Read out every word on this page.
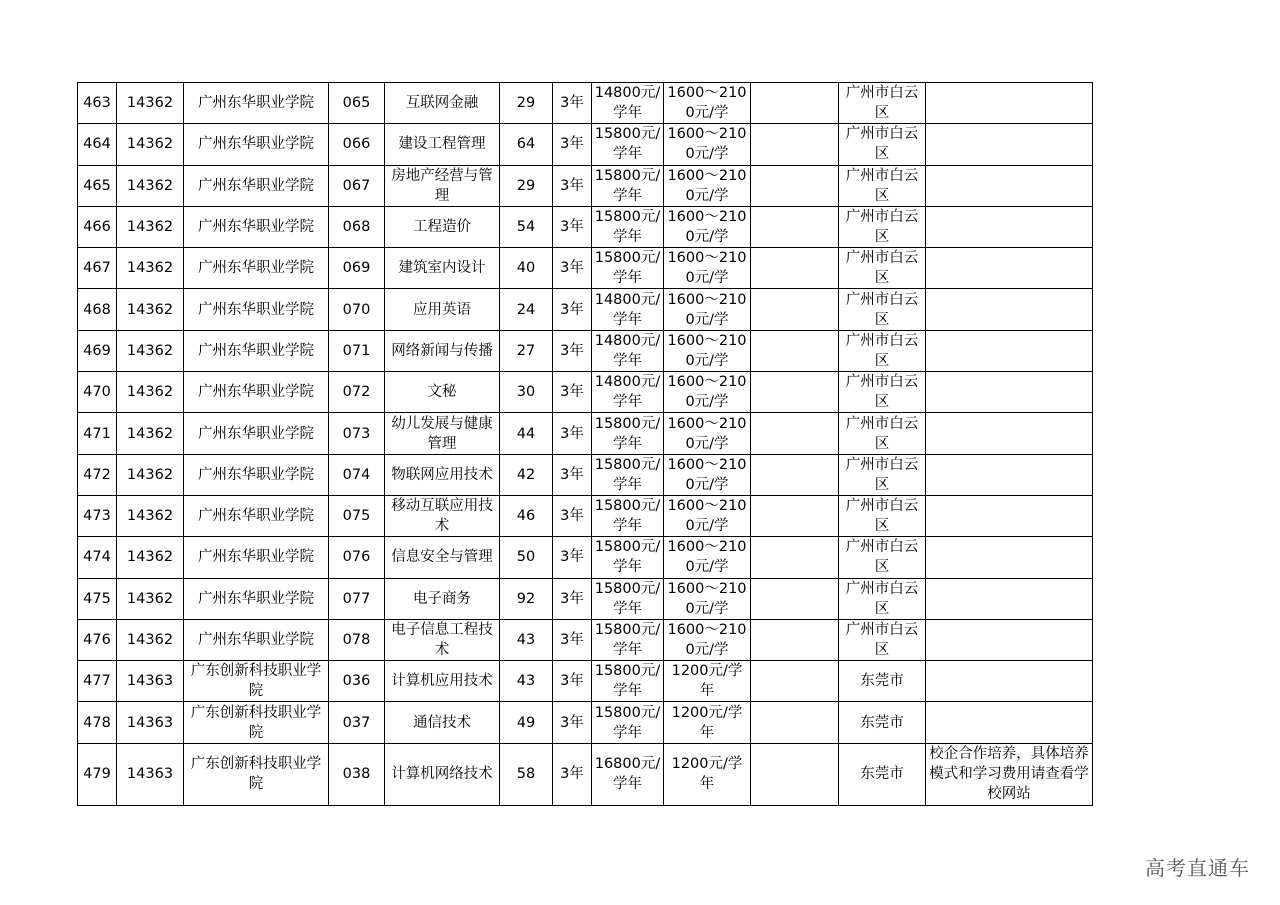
463	14362	广州东华职业学院	065	互联网金融	29	3年	14800元/学年	1600～2100元/学		广州市白云区	
464	14362	广州东华职业学院	066	建设工程管理	64	3年	15800元/学年	1600～2100元/学		广州市白云区	
465	14362	广州东华职业学院	067	房地产经营与管理	29	3年	15800元/学年	1600～2100元/学		广州市白云区	
466	14362	广州东华职业学院	068	工程造价	54	3年	15800元/学年	1600～2100元/学		广州市白云区	
467	14362	广州东华职业学院	069	建筑室内设计	40	3年	15800元/学年	1600～2100元/学		广州市白云区	
468	14362	广州东华职业学院	070	应用英语	24	3年	14800元/学年	1600～2100元/学		广州市白云区	
469	14362	广州东华职业学院	071	网络新闻与传播	27	3年	14800元/学年	1600～2100元/学		广州市白云区	
470	14362	广州东华职业学院	072	文秘	30	3年	14800元/学年	1600～2100元/学		广州市白云区	
471	14362	广州东华职业学院	073	幼儿发展与健康管理	44	3年	15800元/学年	1600～2100元/学		广州市白云区	
472	14362	广州东华职业学院	074	物联网应用技术	42	3年	15800元/学年	1600～2100元/学		广州市白云区	
473	14362	广州东华职业学院	075	移动互联应用技术	46	3年	15800元/学年	1600～2100元/学		广州市白云区	
474	14362	广州东华职业学院	076	信息安全与管理	50	3年	15800元/学年	1600～2100元/学		广州市白云区	
475	14362	广州东华职业学院	077	电子商务	92	3年	15800元/学年	1600～2100元/学		广州市白云区	
476	14362	广州东华职业学院	078	电子信息工程技术	43	3年	15800元/学年	1600～2100元/学		广州市白云区	
477	14363	广东创新科技职业学院	036	计算机应用技术	43	3年	15800元/学年	1200元/学年		东莞市	
478	14363	广东创新科技职业学院	037	通信技术	49	3年	15800元/学年	1200元/学年		东莞市	
479	14363	广东创新科技职业学院	038	计算机网络技术	58	3年	16800元/学年	1200元/学年		东莞市	校企合作培养，具体培养模式和学习费用请查看学校网站
高考直通车
